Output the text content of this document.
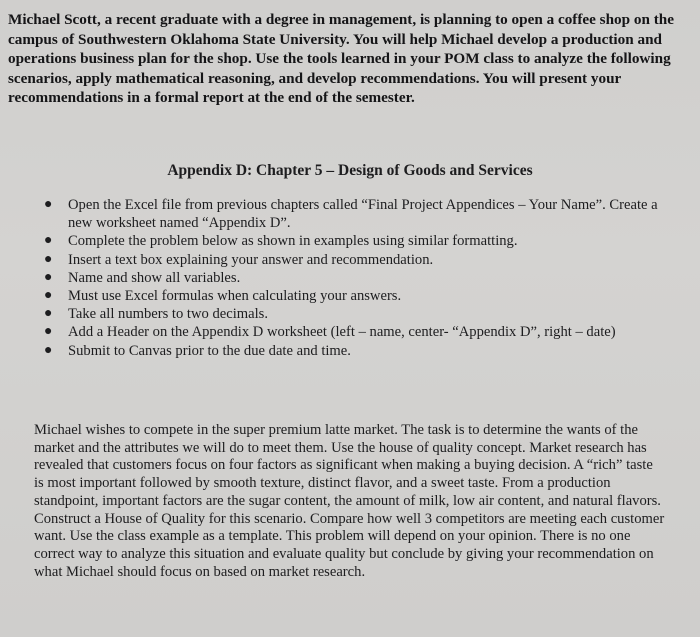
Michael Scott, a recent graduate with a degree in management, is planning to open a coffee shop on the campus of Southwestern Oklahoma State University. You will help Michael develop a production and operations business plan for the shop. Use the tools learned in your POM class to analyze the following scenarios, apply mathematical reasoning, and develop recommendations. You will present your recommendations in a formal report at the end of the semester.
Appendix D: Chapter 5 – Design of Goods and Services
● Open the Excel file from previous chapters called “Final Project Appendices – Your Name”. Create a new worksheet named “Appendix D”.
● Complete the problem below as shown in examples using similar formatting.
● Insert a text box explaining your answer and recommendation.
● Name and show all variables.
● Must use Excel formulas when calculating your answers.
● Take all numbers to two decimals.
● Add a Header on the Appendix D worksheet (left – name, center- “Appendix D”, right – date)
● Submit to Canvas prior to the due date and time.
Michael wishes to compete in the super premium latte market. The task is to determine the wants of the market and the attributes we will do to meet them. Use the house of quality concept. Market research has revealed that customers focus on four factors as significant when making a buying decision. A “rich” taste is most important followed by smooth texture, distinct flavor, and a sweet taste. From a production standpoint, important factors are the sugar content, the amount of milk, low air content, and natural flavors. Construct a House of Quality for this scenario. Compare how well 3 competitors are meeting each customer want. Use the class example as a template. This problem will depend on your opinion. There is no one correct way to analyze this situation and evaluate quality but conclude by giving your recommendation on what Michael should focus on based on market research.
